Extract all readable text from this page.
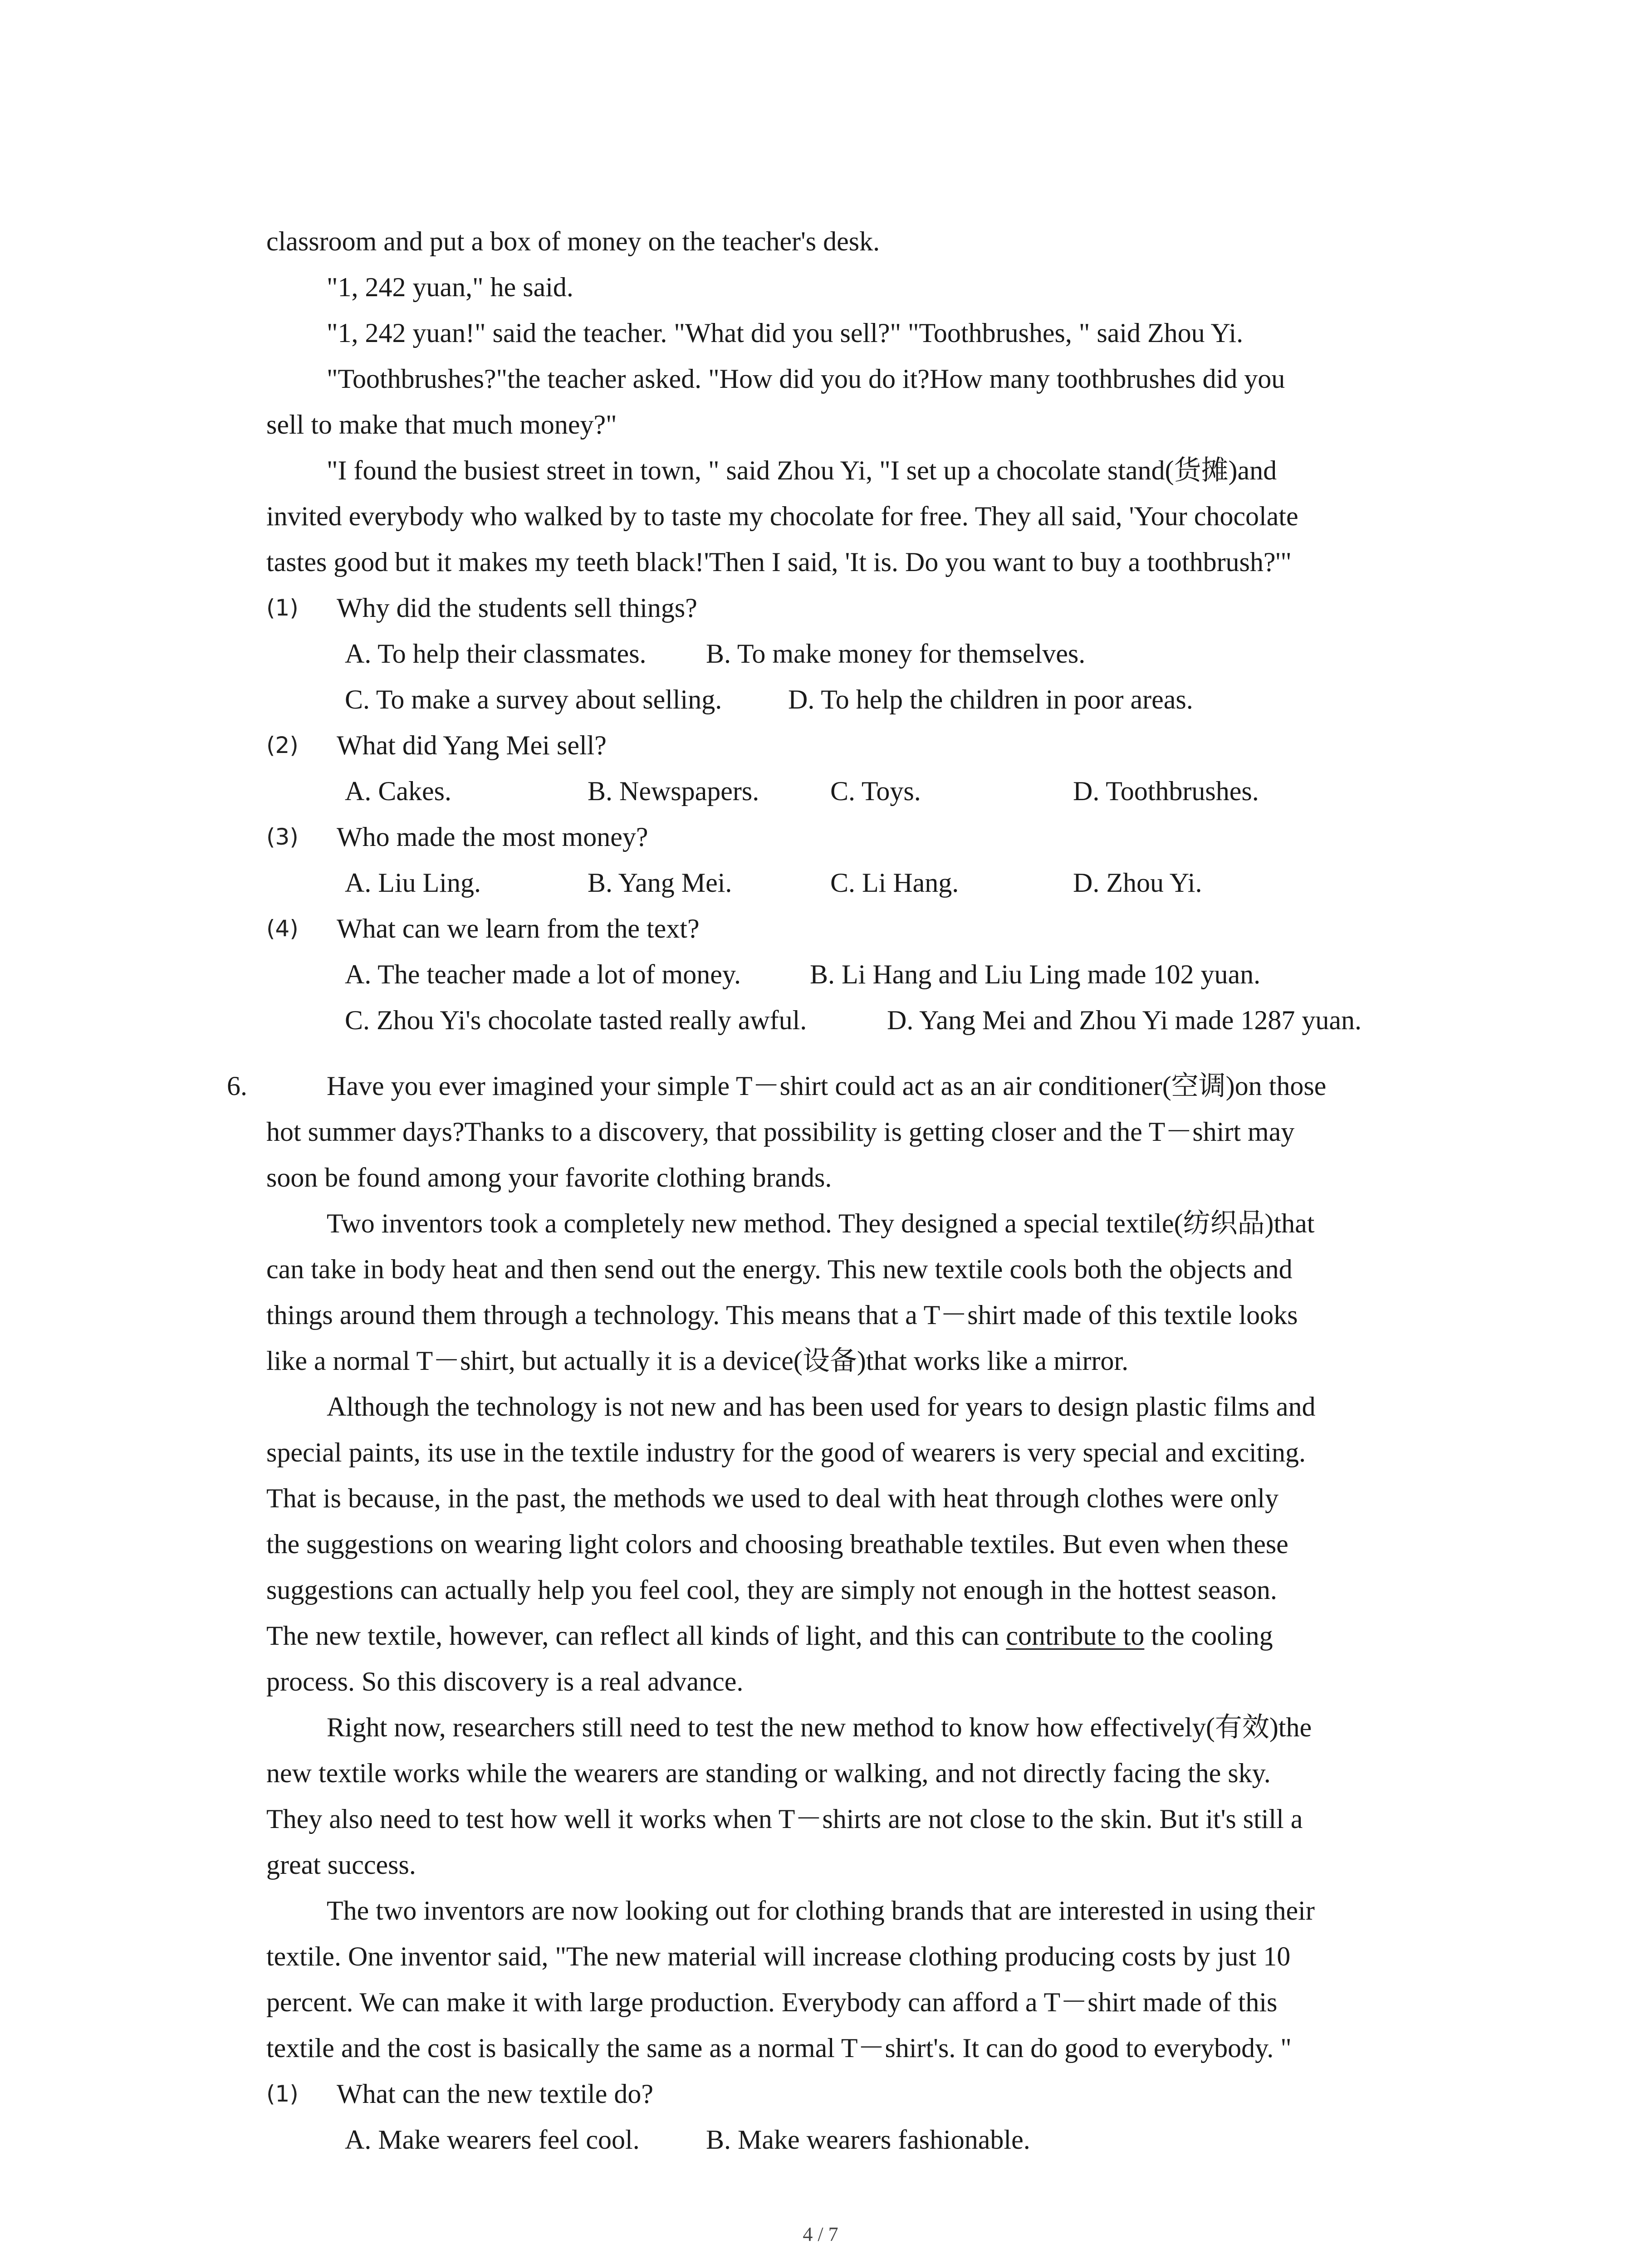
classroom and put a box of money on the teacher's desk.
"1, 242 yuan," he said.
"1, 242 yuan!" said the teacher. "What did you sell?" "Toothbrushes, " said Zhou Yi.
"Toothbrushes?"the teacher asked. "How did you do it?How many toothbrushes did you
sell to make that much money?"
"I found the busiest street in town, " said Zhou Yi, "I set up a chocolate stand(货摊)and
invited everybody who walked by to taste my chocolate for free. They all said, 'Your chocolate
tastes good but it makes my teeth black!'Then I said, 'It is. Do you want to buy a toothbrush?'"
(1) Why did the students sell things?
A. To help their classmates. B. To make money for themselves.
C. To make a survey about selling. D. To help the children in poor areas.
(2) What did Yang Mei sell?
A. Cakes.	B. Newspapers.	C. Toys.	D. Toothbrushes.
(3) Who made the most money?
A. Liu Ling.	B. Yang Mei.	C. Li Hang.	D. Zhou Yi.
(4) What can we learn from the text?
A. The teacher made a lot of money.	B. Li Hang and Liu Ling made 102 yuan.
C. Zhou Yi's chocolate tasted really awful.	D. Yang Mei and Zhou Yi made 1287 yuan.
6.	Have you ever imagined your simple T－shirt could act as an air conditioner(空调)on those
hot summer days?Thanks to a discovery, that possibility is getting closer and the T－shirt may
soon be found among your favorite clothing brands.
Two inventors took a completely new method. They designed a special textile(纺织品)that
can take in body heat and then send out the energy. This new textile cools both the objects and
things around them through a technology. This means that a T－shirt made of this textile looks
like a normal T－shirt, but actually it is a device(设备)that works like a mirror.
Although the technology is not new and has been used for years to design plastic films and
special paints, its use in the textile industry for the good of wearers is very special and exciting.
That is because, in the past, the methods we used to deal with heat through clothes were only
the suggestions on wearing light colors and choosing breathable textiles. But even when these
suggestions can actually help you feel cool, they are simply not enough in the hottest season.
The new textile, however, can reflect all kinds of light, and this can contribute to the cooling
process. So this discovery is a real advance.
Right now, researchers still need to test the new method to know how effectively(有效)the
new textile works while the wearers are standing or walking, and not directly facing the sky.
They also need to test how well it works when T－shirts are not close to the skin. But it's still a
great success.
The two inventors are now looking out for clothing brands that are interested in using their
textile. One inventor said, "The new material will increase clothing producing costs by just 10
percent. We can make it with large production. Everybody can afford a T－shirt made of this
textile and the cost is basically the same as a normal T－shirt's. It can do good to everybody. "
(1) What can the new textile do?
A. Make wearers feel cool. B. Make wearers fashionable.
4 / 7
